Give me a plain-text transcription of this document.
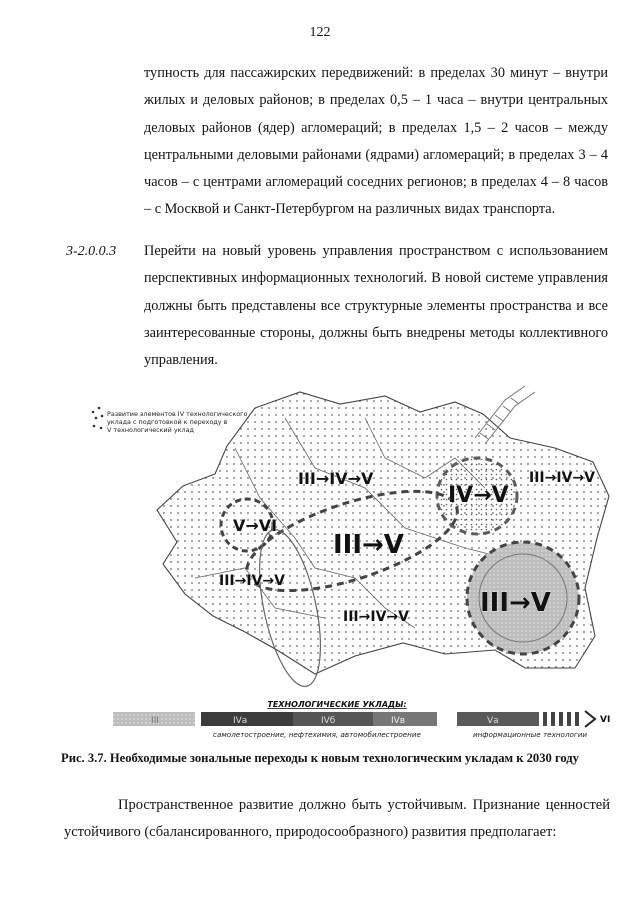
122
тупность для пассажирских передвижений: в пределах 30 минут – внутри жилых и деловых районов; в пределах 0,5 – 1 часа – внутри центральных деловых районов (ядер) агломераций; в пределах 1,5 – 2 часов – между центральными деловыми районами (ядрами) агломераций; в пределах 3 – 4 часов – с центрами агломераций соседних регионов; в пределах 4 – 8 часов – с Москвой и Санкт-Петербургом на различных видах транспорта.
3-2.0.0.3 Перейти на новый уровень управления пространством с использованием перспективных информационных технологий. В новой системе управления должны быть представлены все структурные элементы пространства и все заинтересованные стороны, должны быть внедрены методы коллективного управления.
Развитие элементов IV технологического
уклада с подготовкой к переходу в
V технологический уклад
III→IV→V
IV→V
III→IV→V
V→VI
III→V
III→IV→V
III→IV→V	III→V
ТЕХНОЛОГИЧЕСКИЕ УКЛАДЫ:
III	IVа	IVб	IVв	Vа	VI
самолетостроение, нефтехимия, автомобилестроение	информационные технологии
Рис. 3.7. Необходимые зональные переходы к новым технологическим укладам к 2030 году
Пространственное развитие должно быть устойчивым. Признание ценностей устойчивого (сбалансированного, природосообразного) развития предполагает:
